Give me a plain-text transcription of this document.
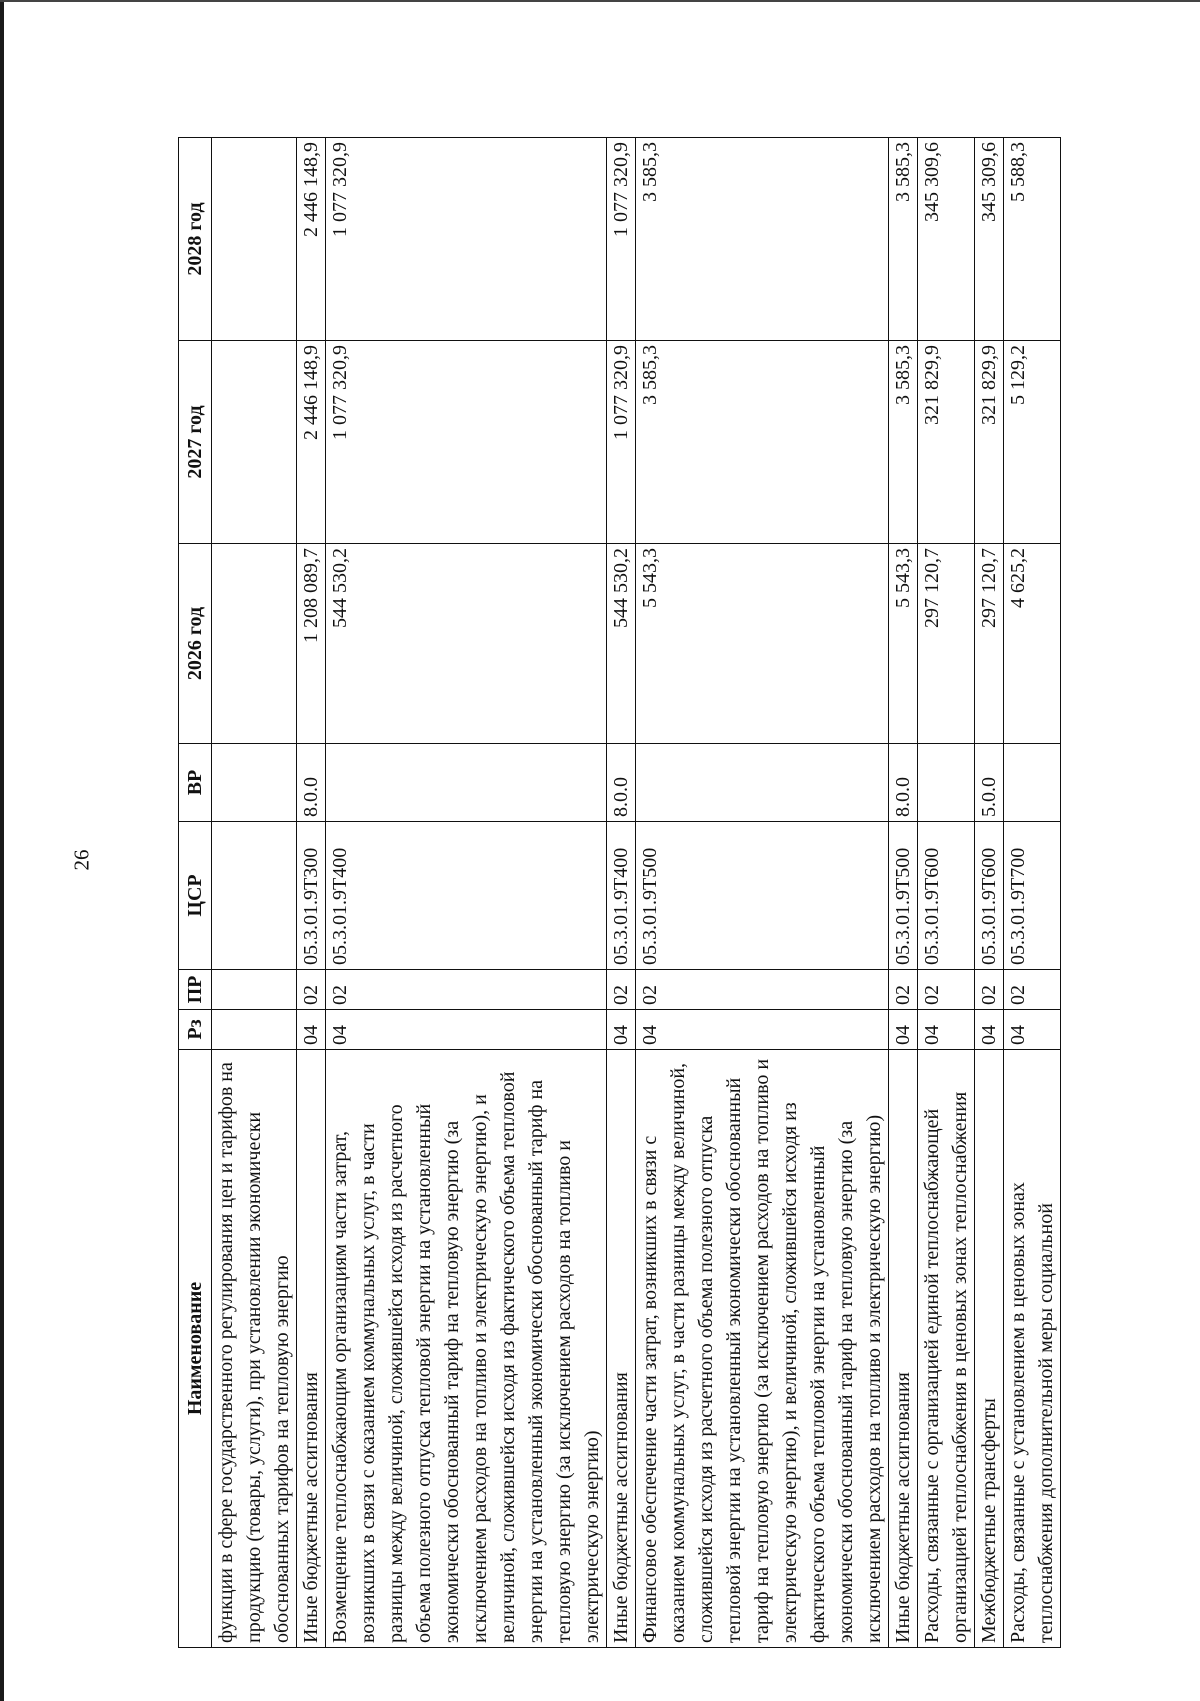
26
Наименование	Рз	ПР	ЦСР	ВР	2026 год	2027 год	2028 год
функции в сфере государственного регулирования цен и тарифов на продукцию (товары, услуги), при установлении экономически обоснованных тарифов на тепловую энергию							
Иные бюджетные ассигнования	04	02	05.3.01.9Т300	8.0.0	1 208 089,7	2 446 148,9	2 446 148,9
Возмещение теплоснабжающим организациям части затрат, возникших в связи с оказанием коммунальных услуг, в части разницы между величиной, сложившейся исходя из расчетного объема полезного отпуска тепловой энергии на установленный экономически обоснованный тариф на тепловую энергию (за исключением расходов на топливо и электрическую энергию), и величиной, сложившейся исходя из фактического объема тепловой энергии на установленный экономически обоснованный тариф на тепловую энергию (за исключением расходов на топливо и электрическую энергию)	04	02	05.3.01.9Т400		544 530,2	1 077 320,9	1 077 320,9
Иные бюджетные ассигнования	04	02	05.3.01.9Т400	8.0.0	544 530,2	1 077 320,9	1 077 320,9
Финансовое обеспечение части затрат, возникших в связи с оказанием коммунальных услуг, в части разницы между величиной, сложившейся исходя из расчетного объема полезного отпуска тепловой энергии на установленный экономически обоснованный тариф на тепловую энергию (за исключением расходов на топливо и электрическую энергию), и величиной, сложившейся исходя из фактического объема тепловой энергии на установленный экономически обоснованный тариф на тепловую энергию (за исключением расходов на топливо и электрическую энергию)	04	02	05.3.01.9Т500		5 543,3	3 585,3	3 585,3
Иные бюджетные ассигнования	04	02	05.3.01.9Т500	8.0.0	5 543,3	3 585,3	3 585,3
Расходы, связанные с организацией единой теплоснабжающей организацией теплоснабжения в ценовых зонах теплоснабжения	04	02	05.3.01.9Т600		297 120,7	321 829,9	345 309,6
Межбюджетные трансферты	04	02	05.3.01.9Т600	5.0.0	297 120,7	321 829,9	345 309,6
Расходы, связанные с установлением в ценовых зонах теплоснабжения дополнительной меры социальной	04	02	05.3.01.9Т700		4 625,2	5 129,2	5 588,3
